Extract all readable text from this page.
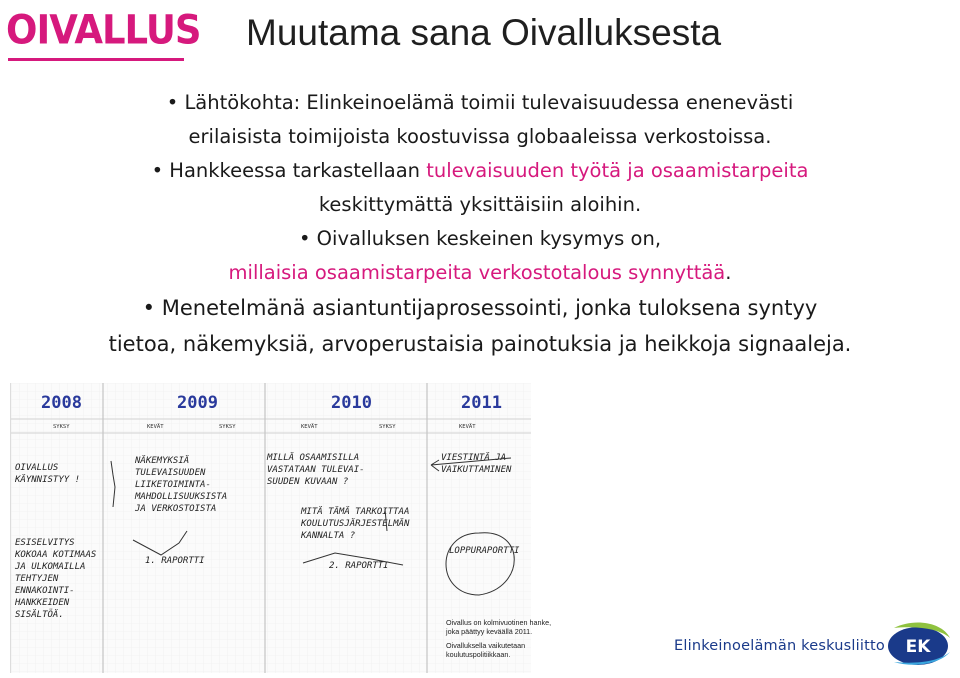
OIVALLUS Muutama sana Oivalluksesta
• Lähtökohta: Elinkeinoelämä toimii tulevaisuudessa enenevästi
erilaisista toimijoista koostuvissa globaaleissa verkostoissa.
• Hankkeessa tarkastellaan tulevaisuuden työtä ja osaamistarpeita
keskittymättä yksittäisiin aloihin.
• Oivalluksen keskeinen kysymys on,
millaisia osaamistarpeita verkostotalous synnyttää.
• Menetelmänä asiantuntijaprosessointi, jonka tuloksena syntyy
tietoa, näkemyksiä, arvoperustaisia painotuksia ja heikkoja signaaleja.
2008	2009	2010	2011
SYKSY	KEVÄT	SYKSY	KEVÄT	SYKSY	KEVÄT
OIVALLUS
KÄYNNISTYY !
NÄKEMYKSIÄ
TULEVAISUUDEN
LIIKETOIMINTA-
MAHDOLLISUUKSISTA
JA VERKOSTOISTA
MILLÄ OSAAMISILLA
VASTATAAN TULEVAI-
SUUDEN KUVAAN ?
VIESTINTÄ JA
VAIKUTTAMINEN
MITÄ TÄMÄ TARKOITTAA
KOULUTUSJÄRJESTELMÄN
KANNALTA ?
ESISELVITYS
KOKOAA KOTIMAAS
JA ULKOMAILLA
TEHTYJEN
ENNAKOINTI-
HANKKEIDEN
SISÄLTÖÄ.
1. RAPORTTI	2. RAPORTTI
LOPPURAPORTTI

Oivallus on kolmivuotinen hanke, joka päättyy keväällä 2011.

Oivalluksella vaikutetaan koulutuspolitiikkaan.

Elinkeinoelämän keskusliitto EK
